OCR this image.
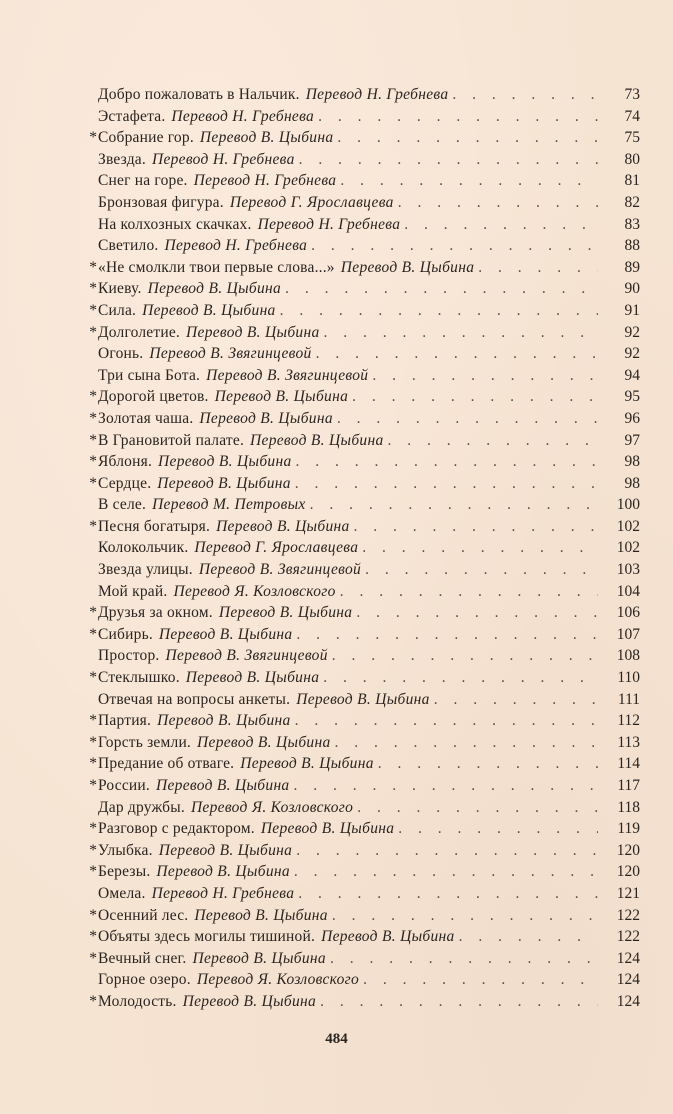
Добро пожаловать в Нальчик. Перевод Н. Гребнева . . .	73
Эстафета. Перевод Н. Гребнева . . .	74
* Собрание гор. Перевод В. Цыбина . . .	75
Звезда. Перевод Н. Гребнева . . .	80
Снег на горе. Перевод Н. Гребнева . . .	81
Бронзовая фигура. Перевод Г. Ярославцева . . .	82
На колхозных скачках. Перевод Н. Гребнева . . .	83
Светило. Перевод Н. Гребнева . . .	88
* «Не смолкли твои первые слова...» Перевод В. Цыбина . . .	89
* Киеву. Перевод В. Цыбина . . .	90
* Сила. Перевод В. Цыбина . . .	91
* Долголетие. Перевод В. Цыбина . . .	92
Огонь. Перевод В. Звягинцевой . . .	92
Три сына Бота. Перевод В. Звягинцевой . . .	94
* Дорогой цветов. Перевод В. Цыбина . . .	95
* Золотая чаша. Перевод В. Цыбина . . .	96
* В Грановитой палате. Перевод В. Цыбина . . .	97
* Яблоня. Перевод В. Цыбина . . .	98
* Сердце. Перевод В. Цыбина . . .	98
В селе. Перевод М. Петровых . . .	100
* Песня богатыря. Перевод В. Цыбина . . .	102
Колокольчик. Перевод Г. Ярославцева . . .	102
Звезда улицы. Перевод В. Звягинцевой . . .	103
Мой край. Перевод Я. Козловского . . .	104
* Друзья за окном. Перевод В. Цыбина . . .	106
* Сибирь. Перевод В. Цыбина . . .	107
Простор. Перевод В. Звягинцевой . . .	108
* Стеклышко. Перевод В. Цыбина . . .	110
Отвечая на вопросы анкеты. Перевод В. Цыбина . . .	111
* Партия. Перевод В. Цыбина . . .	112
* Горсть земли. Перевод В. Цыбина . . .	113
* Предание об отваге. Перевод В. Цыбина . . .	114
* России. Перевод В. Цыбина . . .	117
Дар дружбы. Перевод Я. Козловского . . .	118
* Разговор с редактором. Перевод В. Цыбина . . .	119
* Улыбка. Перевод В. Цыбина . . .	120
* Березы. Перевод В. Цыбина . . .	120
Омела. Перевод Н. Гребнева . . .	121
* Осенний лес. Перевод В. Цыбина . . .	122
* Объяты здесь могилы тишиной. Перевод В. Цыбина . . .	122
* Вечный снег. Перевод В. Цыбина . . .	124
Горное озеро. Перевод Я. Козловского . . .	124
* Молодость. Перевод В. Цыбина . . .	124
484
